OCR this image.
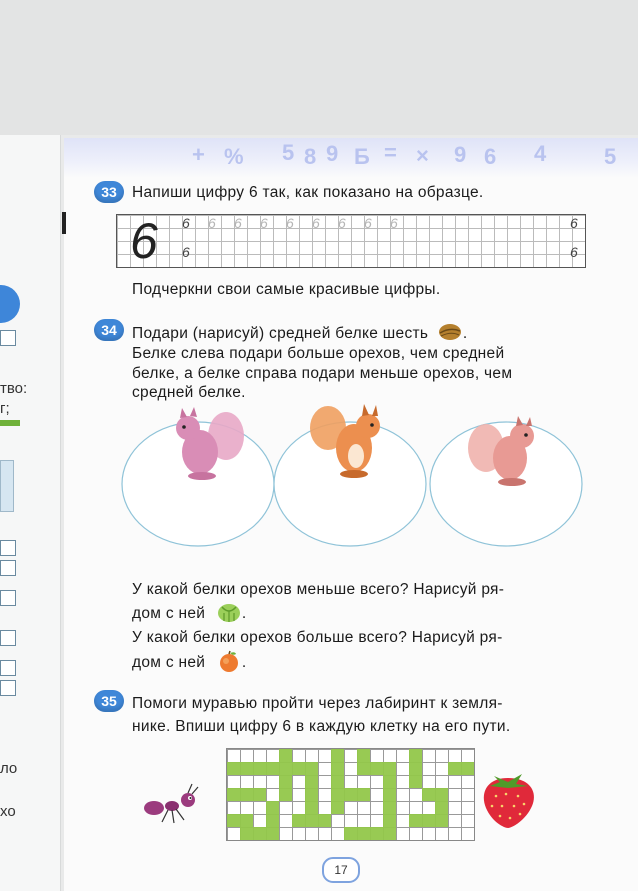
тво:
г;
ло
хо
+ % 5 8 9 Б = × 9 6 4	5
33 Напиши цифру 6 так, как показано на образце.
6 6 6 6 6 6 6 6 6 6	6
6	6
Подчеркни свои самые красивые цифры.
34 Подари (нарисуй) средней белке шесть .
Белке слева подари больше орехов, чем средней
белке, а белке справа подари меньше орехов, чем
средней белке.
У какой белки орехов меньше всего? Нарисуй ря-
дом с ней .
У какой белки орехов больше всего? Нарисуй ря-
дом с ней .
35 Помоги муравью пройти через лабиринт к земля-
нике. Впиши цифру 6 в каждую клетку на его пути.
17
